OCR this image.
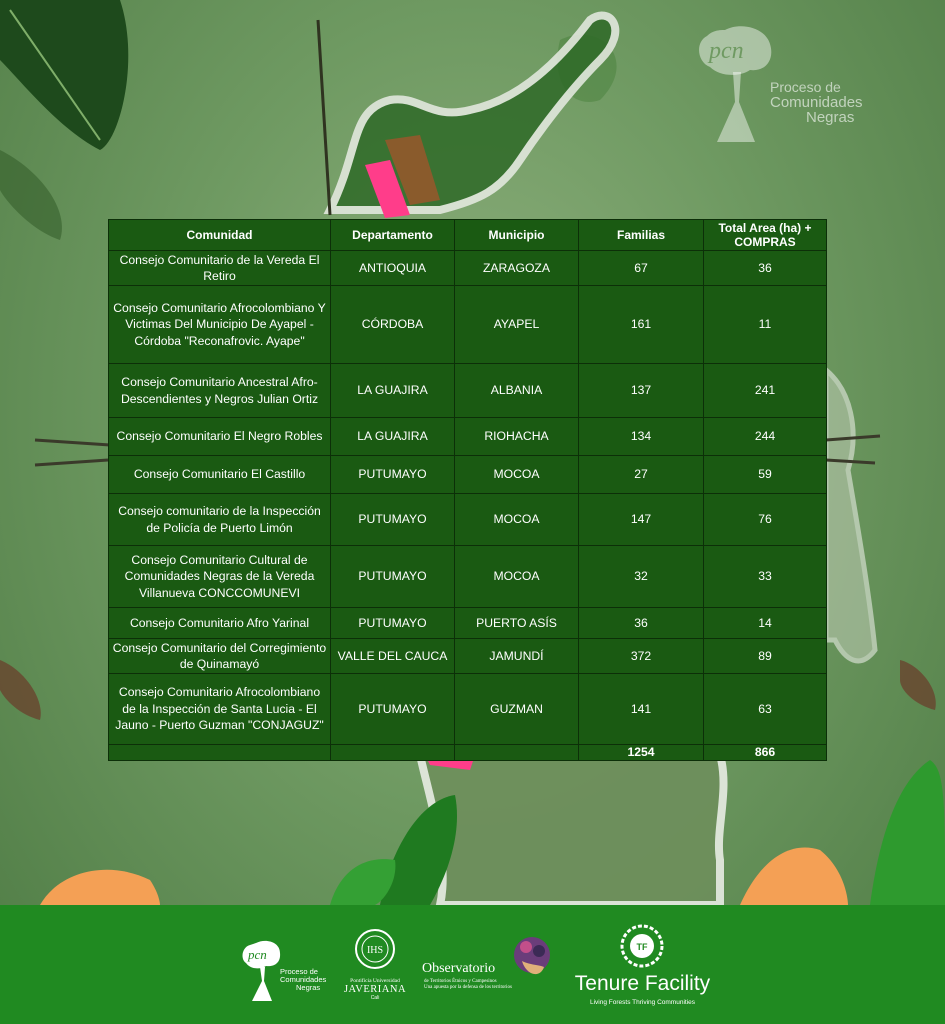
pcn
Proceso de
Comunidades
Negras
Comunidad	Departamento	Municipio	Familias	Total Area (ha) + COMPRAS
Consejo Comunitario de la Vereda El Retiro	ANTIOQUIA	ZARAGOZA	67	36
Consejo Comunitario Afrocolombiano Y Victimas Del Municipio De Ayapel - Córdoba "Reconafrovic. Ayape"	CÓRDOBA	AYAPEL	161	11
Consejo Comunitario Ancestral Afro-Descendientes y Negros Julian Ortiz	LA GUAJIRA	ALBANIA	137	241
Consejo Comunitario El Negro Robles	LA GUAJIRA	RIOHACHA	134	244
Consejo Comunitario El Castillo	PUTUMAYO	MOCOA	27	59
Consejo comunitario de la Inspección de Policía de Puerto Limón	PUTUMAYO	MOCOA	147	76
Consejo Comunitario Cultural de Comunidades Negras de la Vereda Villanueva CONCCOMUNEVI	PUTUMAYO	MOCOA	32	33
Consejo Comunitario Afro Yarinal	PUTUMAYO	PUERTO ASÍS	36	14
Consejo Comunitario del Corregimiento de Quinamayó	VALLE DEL CAUCA	JAMUNDÍ	372	89
Consejo Comunitario Afrocolombiano de la Inspección de Santa Lucia - El Jauno - Puerto Guzman "CONJAGUZ"	PUTUMAYO	GUZMAN	141	63
			1254	866
pcn
Proceso de
Comunidades
Negras
IHS
Pontificia Universidad
JAVERIANA
Cali
Observatorio
de Territorios Étnicos y Campesinos
Una apuesta por la defensa de los territorios
TF
Tenure Facility
Living Forests Thriving Communities
